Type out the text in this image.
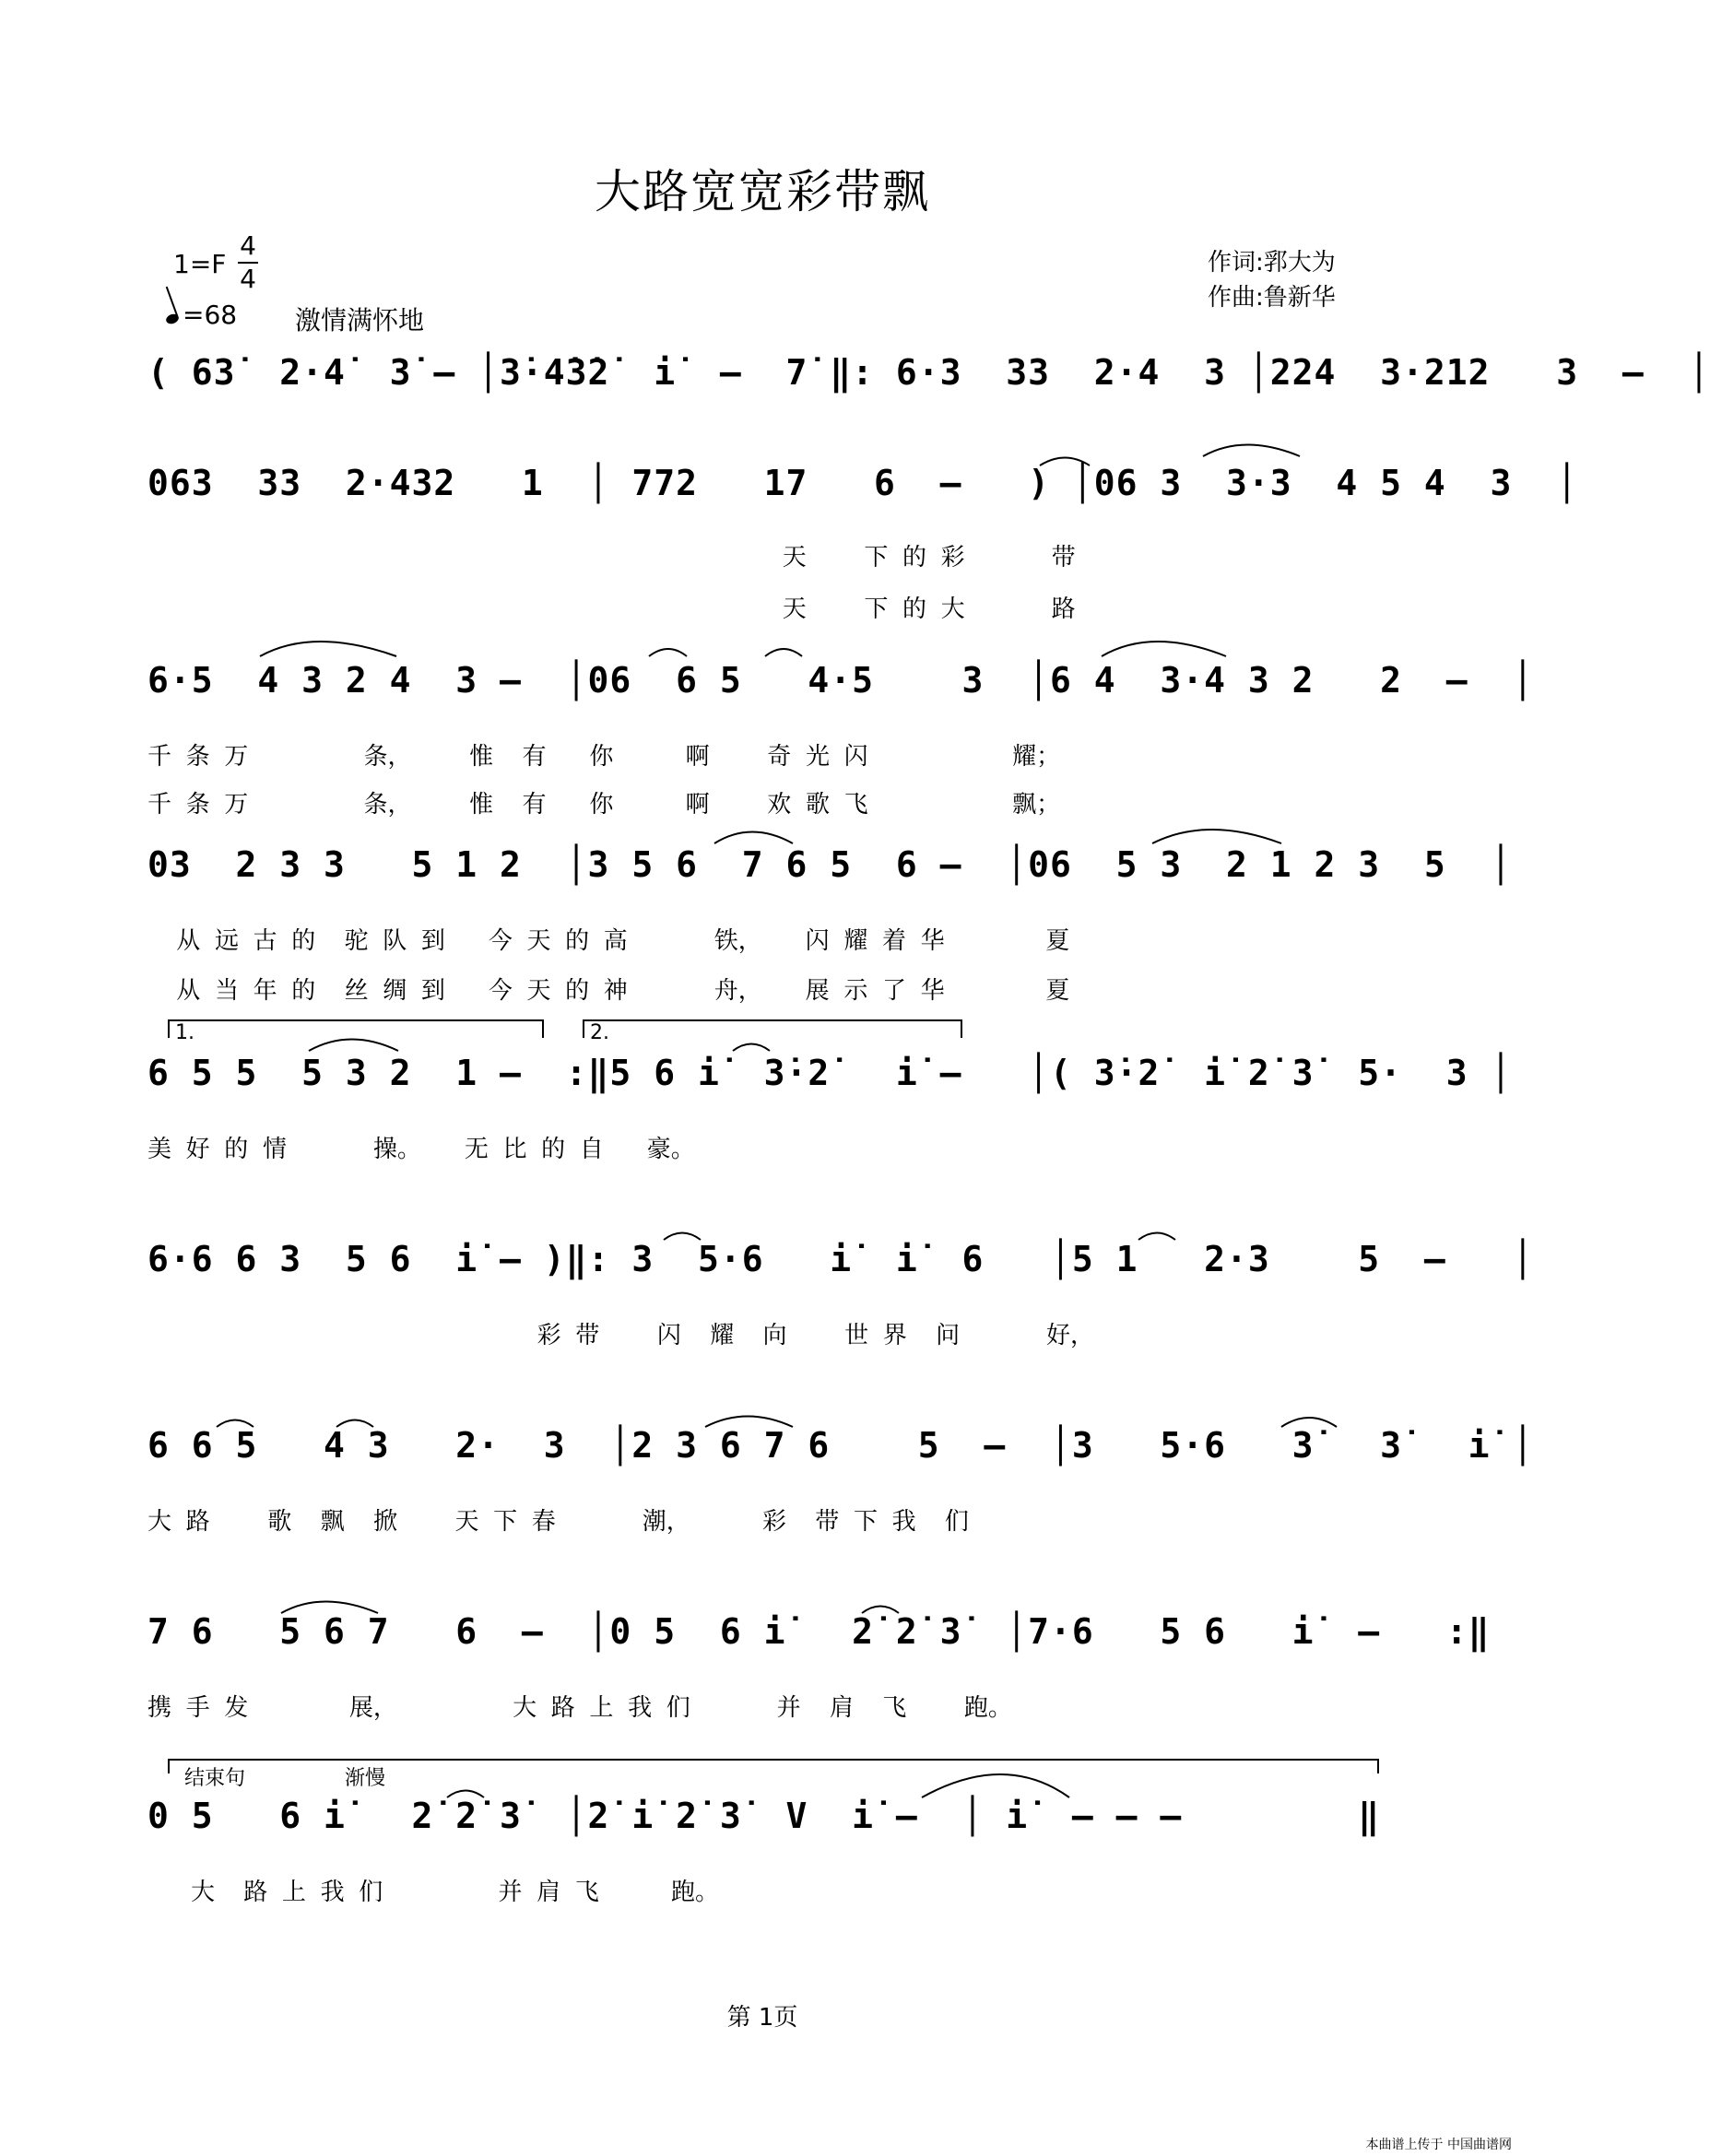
大路宽宽彩带飘
1=F
4
4
=68 激情满怀地
作词:郛大为
作曲:鲁新华
( 63̇  2·4̇  3̇ — │3̇·4̇3̇2̇  i̇  —  7̇ ‖: 6·3  33  2·4  3 │224  3·212   3  —  │
063  33  2·432   1  │ 772   17   6  —   ) │06 3  3·3  4 5 4  3  │
天    下 的 彩      带
天    下 的 大      路
6·5  4 3 2 4  3 —  │06  6 5   4·5    3  │6 4  3·4 3 2   2  —  │
千 条 万        条，    惟  有   你     啊    奇 光 闪          耀；
千 条 万        条，    惟  有   你     啊    欢 歌 飞          飘；
03  2 3 3   5 1 2  │3 5 6  7 6 5  6 —  │06  5 3  2 1 2 3  5  │
从 远 古 的  驼 队 到   今 天 的 高      铁，   闪 耀 着 华       夏
从 当 年 的  丝 绸 到   今 天 的 神      舟，   展 示 了 华       夏
1.	2.
6 5 5  5 3 2  1 —  :‖5 6 i̇  3̇·2̇   i̇ —   │( 3̇·2̇  i̇ 2̇ 3̇  5·  3 │
美 好 的 情      操。   无 比 的 自   豪。
6·6 6 3  5 6  i̇ — )‖: 3  5·6   i̇  i̇  6   │5 1   2·3    5  —   │
彩 带    闪  耀  向    世 界  问      好，
6 6 5   4 3   2·  3  │2 3 6 7 6    5  —  │3   5·6   3̇   3̇   i̇ │
大 路    歌  飘  掀    天 下 春      潮，     彩  带 下 我  们
7 6   5 6 7   6  —  │0 5  6 i̇   2̇ 2̇ 3̇  │7·6   5 6   i̇  —   :‖
携 手 发       展，        大 路 上 我 们      并  肩  飞    跑。
结束句	渐慢
0 5   6 i̇   2̇ 2̇ 3̇  │2̇ i̇ 2̇ 3̇  V  i̇ —  │ i̇  — — —        ‖
大  路 上 我 们        并 肩 飞     跑。
第 1页
本曲谱上传于 中国曲谱网
